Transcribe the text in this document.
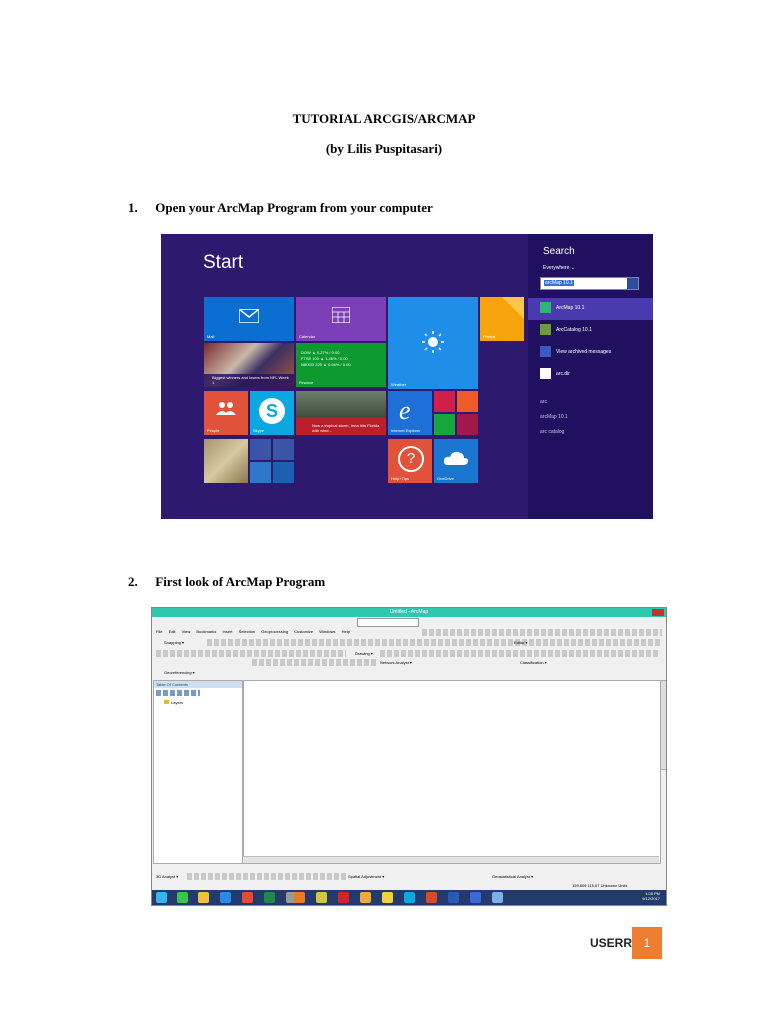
TUTORIAL ARCGIS/ARCMAP
(by Lilis Puspitasari)
1. Open your ArcMap Program from your computer
Start
Mail	Calendar
Weather
Photos
Biggest winners and losers from NFL Week 1
DOW ▲ 0.27% / 0.00
FTSE 100 ▲ 1.46% / 0.00
NIKKEI 225 ▲ 0.66% / 0.00
Finance
People
S
Skype
Now a tropical storm, Irma hits Florida with wind...
e
Internet Explorer
?
Help+Tips	OneDrive
Search
Everywhere ⌄
arcMap 10.1
ArcMap 10.1
ArcCatalog 10.1
View archived messages
arc.dir
arc
arcMap 10.1
arc catalog
2. First look of ArcMap Program
Untitled - ArcMap
File Edit View Bookmarks Insert Selection Geoprocessing Customize Windows Help
Snapping ▾
Drawing ▾
Editor ▾
Network Analyst ▾	Classification ▾
Georeferencing ▾
Table Of Contents
Layers
3D Analyst ▾	Spatial Adjustment ▾	Geostatistical Analyst ▾
159.606 115.07 Unknown Units
1:28 PM
9/12/2017
USERR 1
